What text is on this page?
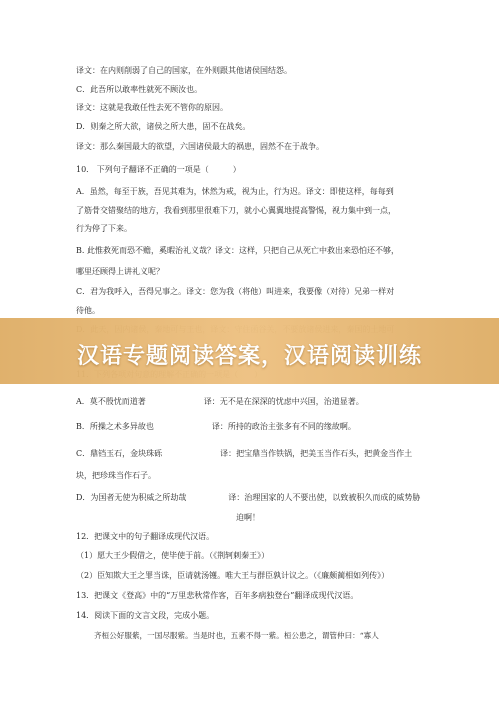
译文：在内则削弱了自己的国家，在外则跟其他诸侯国结怨。
C．此吾所以敢率性就死不顾汝也。
译文：这就是我敢任性去死不管你的原因。
D．则秦之所大欲，诸侯之所大患，固不在战矣。
译文：那么秦国最大的欲望，六国诸侯最大的祸患，固然不在于战争。
10． 下列句子翻译不正确的一项是（　　　）
A．虽然，每至于族，吾见其难为，怵然为戒，视为止，行为迟。译文：即使这样，每每到
了筋骨交错聚结的地方，我看到那里很难下刀，就小心翼翼地提高警惕，视力集中到一点，
行为停了下来。
B. 此惟救死而恐不赡，奚暇治礼义哉？译文：这样，只把自己从死亡中救出来恐怕还不够，
哪里还顾得上讲礼义呢？
C．君为我呼入，吾得兄事之。译文：您为我（将他）叫进来，我要像（对待）兄弟一样对
待他。
A．莫不殷忧而道著	译：无不是在深深的忧虑中兴国，治道显著。
B．所操之术多异故也	译：所持的政治主张多有不同的缘故啊。
C．鼎铛玉石，金块珠砾	译：把宝鼎当作铁锅，把美玉当作石头，把黄金当作土
块，把珍珠当作石子。
D．为国者无使为积威之所劫哉	译：治理国家的人不要出使，以致被积久而成的威势胁
迫啊！
12．把课文中的句子翻译成现代汉语。
（1）愿大王少假借之，使毕使于前。（《荆轲刺秦王》）
（2）臣知欺大王之罪当诛，臣请就汤镬。唯大王与群臣孰计议之。（《廉颇蔺相如列传》）
13．把课文《登高》中的“万里悲秋常作客，百年多病独登台”翻译成现代汉语。
14．阅读下面的文言文段，完成小题。
齐桓公好服紫，一国尽服紫。当是时也，五素不得一紫。桓公患之，谓管仲曰：“寡人
汉语专题阅读答案，汉语阅读训练
